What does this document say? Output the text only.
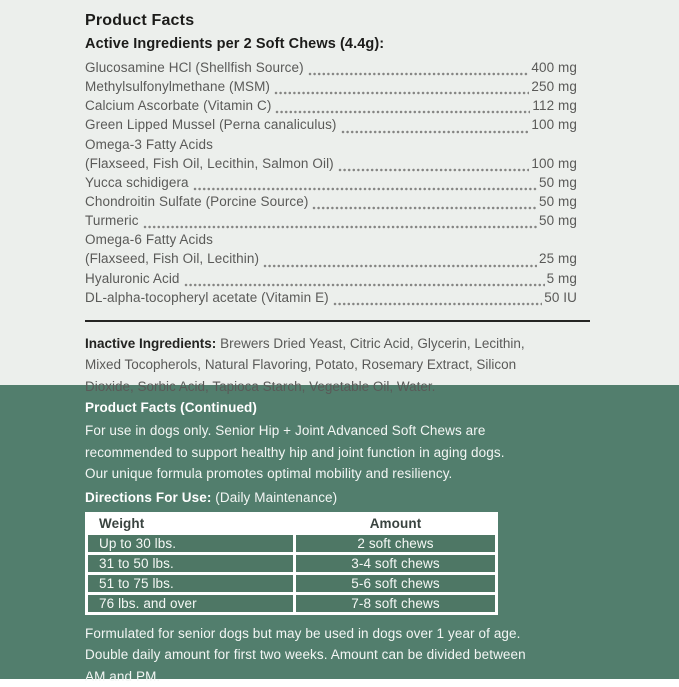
Product Facts
Active Ingredients per 2 Soft Chews (4.4g):
Glucosamine HCl (Shellfish Source)	400 mg
Methylsulfonylmethane (MSM)	250 mg
Calcium Ascorbate (Vitamin C)	112 mg
Green Lipped Mussel (Perna canaliculus)	100 mg
Omega-3 Fatty Acids
(Flaxseed, Fish Oil, Lecithin, Salmon Oil)	100 mg
Yucca schidigera	50 mg
Chondroitin Sulfate (Porcine Source)	50 mg
Turmeric	50 mg
Omega-6 Fatty Acids
(Flaxseed, Fish Oil, Lecithin)	25 mg
Hyaluronic Acid	5 mg
DL-alpha-tocopheryl acetate (Vitamin E)	50 IU
Inactive Ingredients: Brewers Dried Yeast, Citric Acid, Glycerin, Lecithin,
Mixed Tocopherols, Natural Flavoring, Potato, Rosemary Extract, Silicon
Dioxide, Sorbic Acid, Tapioca Starch, Vegetable Oil, Water.
Product Facts (Continued)
For use in dogs only. Senior Hip + Joint Advanced Soft Chews are
recommended to support healthy hip and joint function in aging dogs.
Our unique formula promotes optimal mobility and resiliency.
Directions For Use: (Daily Maintenance)
Weight	Amount
Up to 30 lbs.	2 soft chews
31 to 50 lbs.	3-4 soft chews
51 to 75 lbs.	5-6 soft chews
76 lbs. and over	7-8 soft chews
Formulated for senior dogs but may be used in dogs over 1 year of age.
Double daily amount for first two weeks. Amount can be divided between
AM and PM.
